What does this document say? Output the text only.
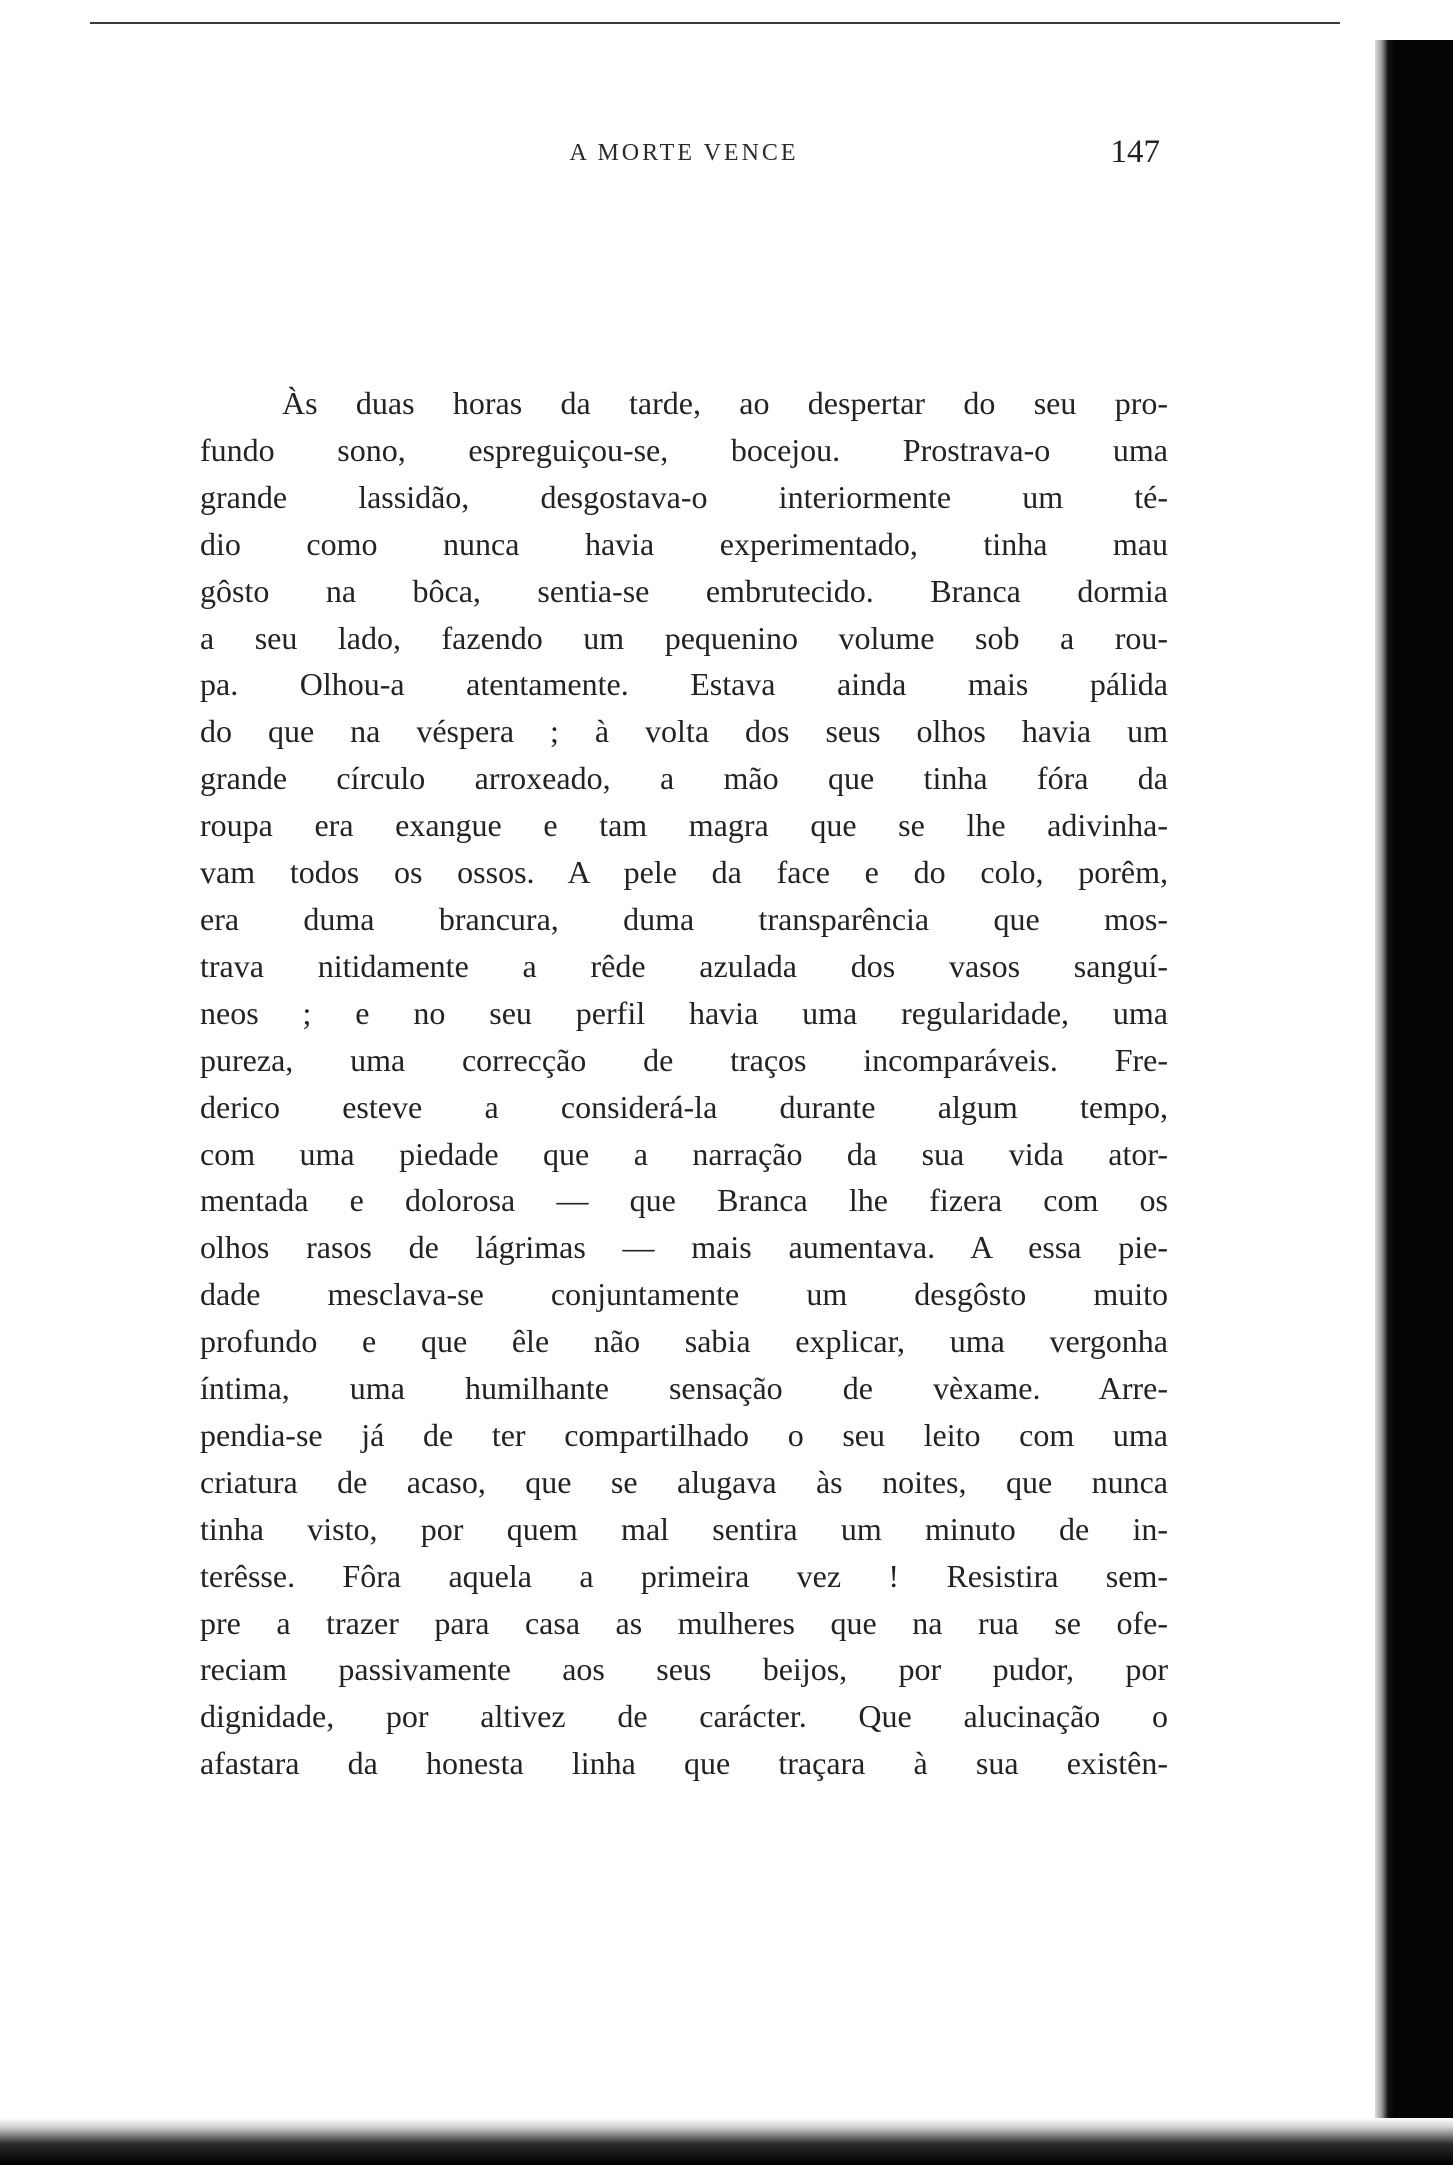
A MORTE VENCE	147
Às duas horas da tarde, ao despertar do seu pro-
fundo sono, espreguiçou-se, bocejou. Prostrava-o uma
grande lassidão, desgostava-o interiormente um té-
dio como nunca havia experimentado, tinha mau
gôsto na bôca, sentia-se embrutecido. Branca dormia
a seu lado, fazendo um pequenino volume sob a rou-
pa. Olhou-a atentamente. Estava ainda mais pálida
do que na véspera ; à volta dos seus olhos havia um
grande círculo arroxeado, a mão que tinha fóra da
roupa era exangue e tam magra que se lhe adivinha-
vam todos os ossos. A pele da face e do colo, porêm,
era duma brancura, duma transparência que mos-
trava nitidamente a rêde azulada dos vasos sanguí-
neos ; e no seu perfil havia uma regularidade, uma
pureza, uma correcção de traços incomparáveis. Fre-
derico esteve a considerá-la durante algum tempo,
com uma piedade que a narração da sua vida ator-
mentada e dolorosa — que Branca lhe fizera com os
olhos rasos de lágrimas — mais aumentava. A essa pie-
dade mesclava-se conjuntamente um desgôsto muito
profundo e que êle não sabia explicar, uma vergonha
íntima, uma humilhante sensação de vèxame. Arre-
pendia-se já de ter compartilhado o seu leito com uma
criatura de acaso, que se alugava às noites, que nunca
tinha visto, por quem mal sentira um minuto de in-
terêsse. Fôra aquela a primeira vez ! Resistira sem-
pre a trazer para casa as mulheres que na rua se ofe-
reciam passivamente aos seus beijos, por pudor, por
dignidade, por altivez de carácter. Que alucinação o
afastara da honesta linha que traçara à sua existên-
